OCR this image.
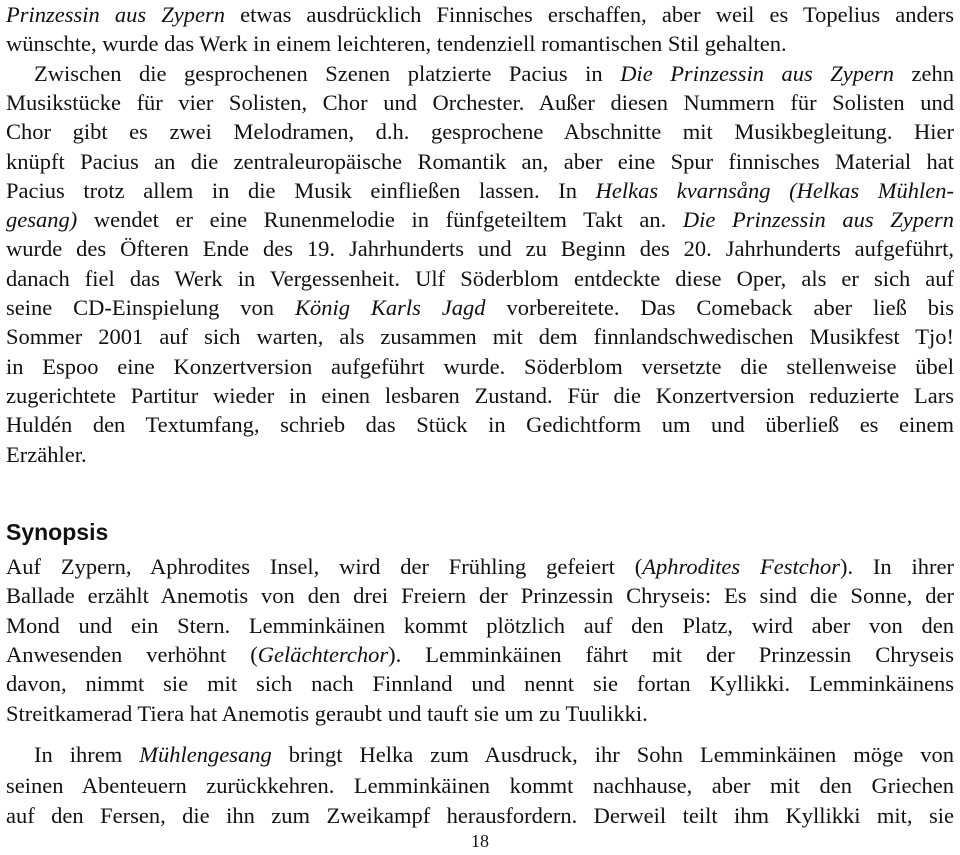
Prinzessin aus Zypern etwas ausdrücklich Finnisches erschaffen, aber weil es Topelius anders
wünschte, wurde das Werk in einem leichteren, tendenziell romantischen Stil gehalten.
Zwischen die gesprochenen Szenen platzierte Pacius in Die Prinzessin aus Zypern zehn
Musikstücke für vier Solisten, Chor und Orchester. Außer diesen Nummern für Solisten und
Chor gibt es zwei Melodramen, d.h. gesprochene Abschnitte mit Musikbegleitung. Hier
knüpft Pacius an die zentraleuropäische Romantik an, aber eine Spur finnisches Material hat
Pacius trotz allem in die Musik einfließen lassen. In Helkas kvarnsång (Helkas Mühlen-
gesang) wendet er eine Runenmelodie in fünfgeteiltem Takt an. Die Prinzessin aus Zypern
wurde des Öfteren Ende des 19. Jahrhunderts und zu Beginn des 20. Jahrhunderts aufgeführt,
danach fiel das Werk in Vergessenheit. Ulf Söderblom entdeckte diese Oper, als er sich auf
seine CD-Einspielung von König Karls Jagd vorbereitete. Das Comeback aber ließ bis
Sommer 2001 auf sich warten, als zusammen mit dem finnlandschwedischen Musikfest Tjo!
in Espoo eine Konzertversion aufgeführt wurde. Söderblom versetzte die stellenweise übel
zugerichtete Partitur wieder in einen lesbaren Zustand. Für die Konzertversion reduzierte Lars
Huldén den Textumfang, schrieb das Stück in Gedichtform um und überließ es einem
Erzähler.
Synopsis
Auf Zypern, Aphrodites Insel, wird der Frühling gefeiert (Aphrodites Festchor). In ihrer
Ballade erzählt Anemotis von den drei Freiern der Prinzessin Chryseis: Es sind die Sonne, der
Mond und ein Stern. Lemminkäinen kommt plötzlich auf den Platz, wird aber von den
Anwesenden verhöhnt (Gelächterchor). Lemminkäinen fährt mit der Prinzessin Chryseis
davon, nimmt sie mit sich nach Finnland und nennt sie fortan Kyllikki. Lemminkäinens
Streitkamerad Tiera hat Anemotis geraubt und tauft sie um zu Tuulikki.
In ihrem Mühlengesang bringt Helka zum Ausdruck, ihr Sohn Lemminkäinen möge von
seinen Abenteuern zurückkehren. Lemminkäinen kommt nachhause, aber mit den Griechen
auf den Fersen, die ihn zum Zweikampf herausfordern. Derweil teilt ihm Kyllikki mit, sie
18
